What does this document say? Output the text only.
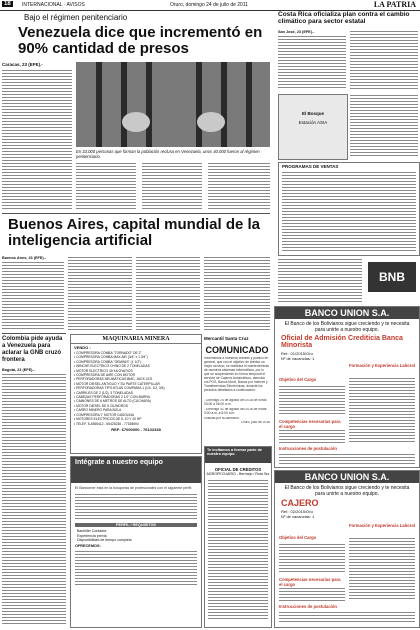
18	INTERNACIONAL · AVISOS	Oruro, domingo 24 de julio de 2011	LA PATRIA
Bajo el régimen penitenciario
Venezuela dice que incrementó en 90% cantidad de presos
Caracas, 23 (EFE).-
En 33.000 personas que forman la población reclusa en Venezuela, unos 40.000 fueron al régimen penitenciario.
Costa Rica oficializa plan contra el cambio climático para sector estatal
San José, 23 (EFE).-
El Bosque
Estación ASIA
PROGRAMAS DE VENTAS
BNB
Buenos Aires, capital mundial de la inteligencia artificial
Buenos Aires, 23 (EFE).-
Colombia pide ayuda a Venezuela para aclarar la GNB cruzó frontera
Bogotá, 23 (EFE).-
MAQUINARIA MINERA
VENDO :
• COMPRESORA COMBA "TORNADO" DE 2"
• COMPRESORA COMBA MAX AIR (3/4" x 1 3/4")
• COMPRESORA COMBA "GEMINIS" (1 1/2")
• WINCHE ELECTRICO CHINO DE 2 TONELADAS
• MOTOR ELECTRICO 40 KILOVATIOS
• COMPRESORA DE AIRE CON MOTOR
• PERFORADORAS NEUMÁTICAS BMC; JACK LEG
• MOTOR DIESEL ANTIGUO Y SU PARTE CATERPILLAR
• PERFORADORAS TIPO ATLAS COMPANIA 1 (1/4, 1/2, 3/4)
• CARRILES DE 2 (1/2), 3 TONELADAS
• CABEZAS PERFORADORAS 2 1/2" CON BARRA
• CAMIONES DE 6 METROS DE ALTO (CUCHARA)
• MOTOR DIESEL DE 6 CILINDROS
• CARRO MINERO PARA BOLA
• COMPRESORA 7' MOTOR GASOLINA
• MOTORES ELECTRICOS DE 5, 10 Y 20 HP
• TELEF. 5-4565412 - 65425236 - 77158694
REF: 67000000 - 76132338
Mercantil Santa Cruz
COMUNICADO
Informamos a nuestros clientes y público en general, que con el objetivo de brindar un mejor servicio, se realizará el mantenimiento de nuestros sistemas informáticos, por lo que se suspenderán en forma temporal el servicio de Cajeros Automáticos, atención vía POS, Banca Móvil, Banca por Internet y Transferencias Electrónicas, durante los periodos detallados a continuación:
- Domingo 24 de agosto del 2016 de horas 03:00 a 06:00 a.m.
- Domingo 31 de agosto del 2016 de horas 3:00 a.m. a 6:00 a.m.
Gracias por su atención.
Oruro, julio de 2016
Intégrate a nuestro equipo
El Bancomer está en la búsqueda de profesionales con el siguiente perfil:
PERFIL / REQUISITOS
Bachiller Contador
Experiencia previa
Disponibilidad de tiempo completo
OFRECEMOS:
Te invitamos a formar parte de nuestro equipo.
OFICIAL DE CREDITOS
AGROPECUARIO - Bermejo / Ruta Sur
BANCO UNION S.A.
El Banco de los Bolivianos sigue creciendo y te necesita para unirte a nuestro equipo.
Oficial de Admisión Crediticia Banca Minorista
Ref.: 01/2015/Oru
Nº de vacancias: 1
Objetivo del Cargo
Competencias necesarias para el cargo
Formación y Experiencia Laboral
Instrucciones de postulación
BANCO UNION S.A.
El Banco de los Bolivianos sigue creciendo y te necesita para unirte a nuestro equipo.
CAJERO
Ref.: 02/2015/Oru
Nº de vacancias: 1
Objetivo del Cargo
Competencias necesarias para el cargo
Formación y Experiencia Laboral
Instrucciones de postulación
